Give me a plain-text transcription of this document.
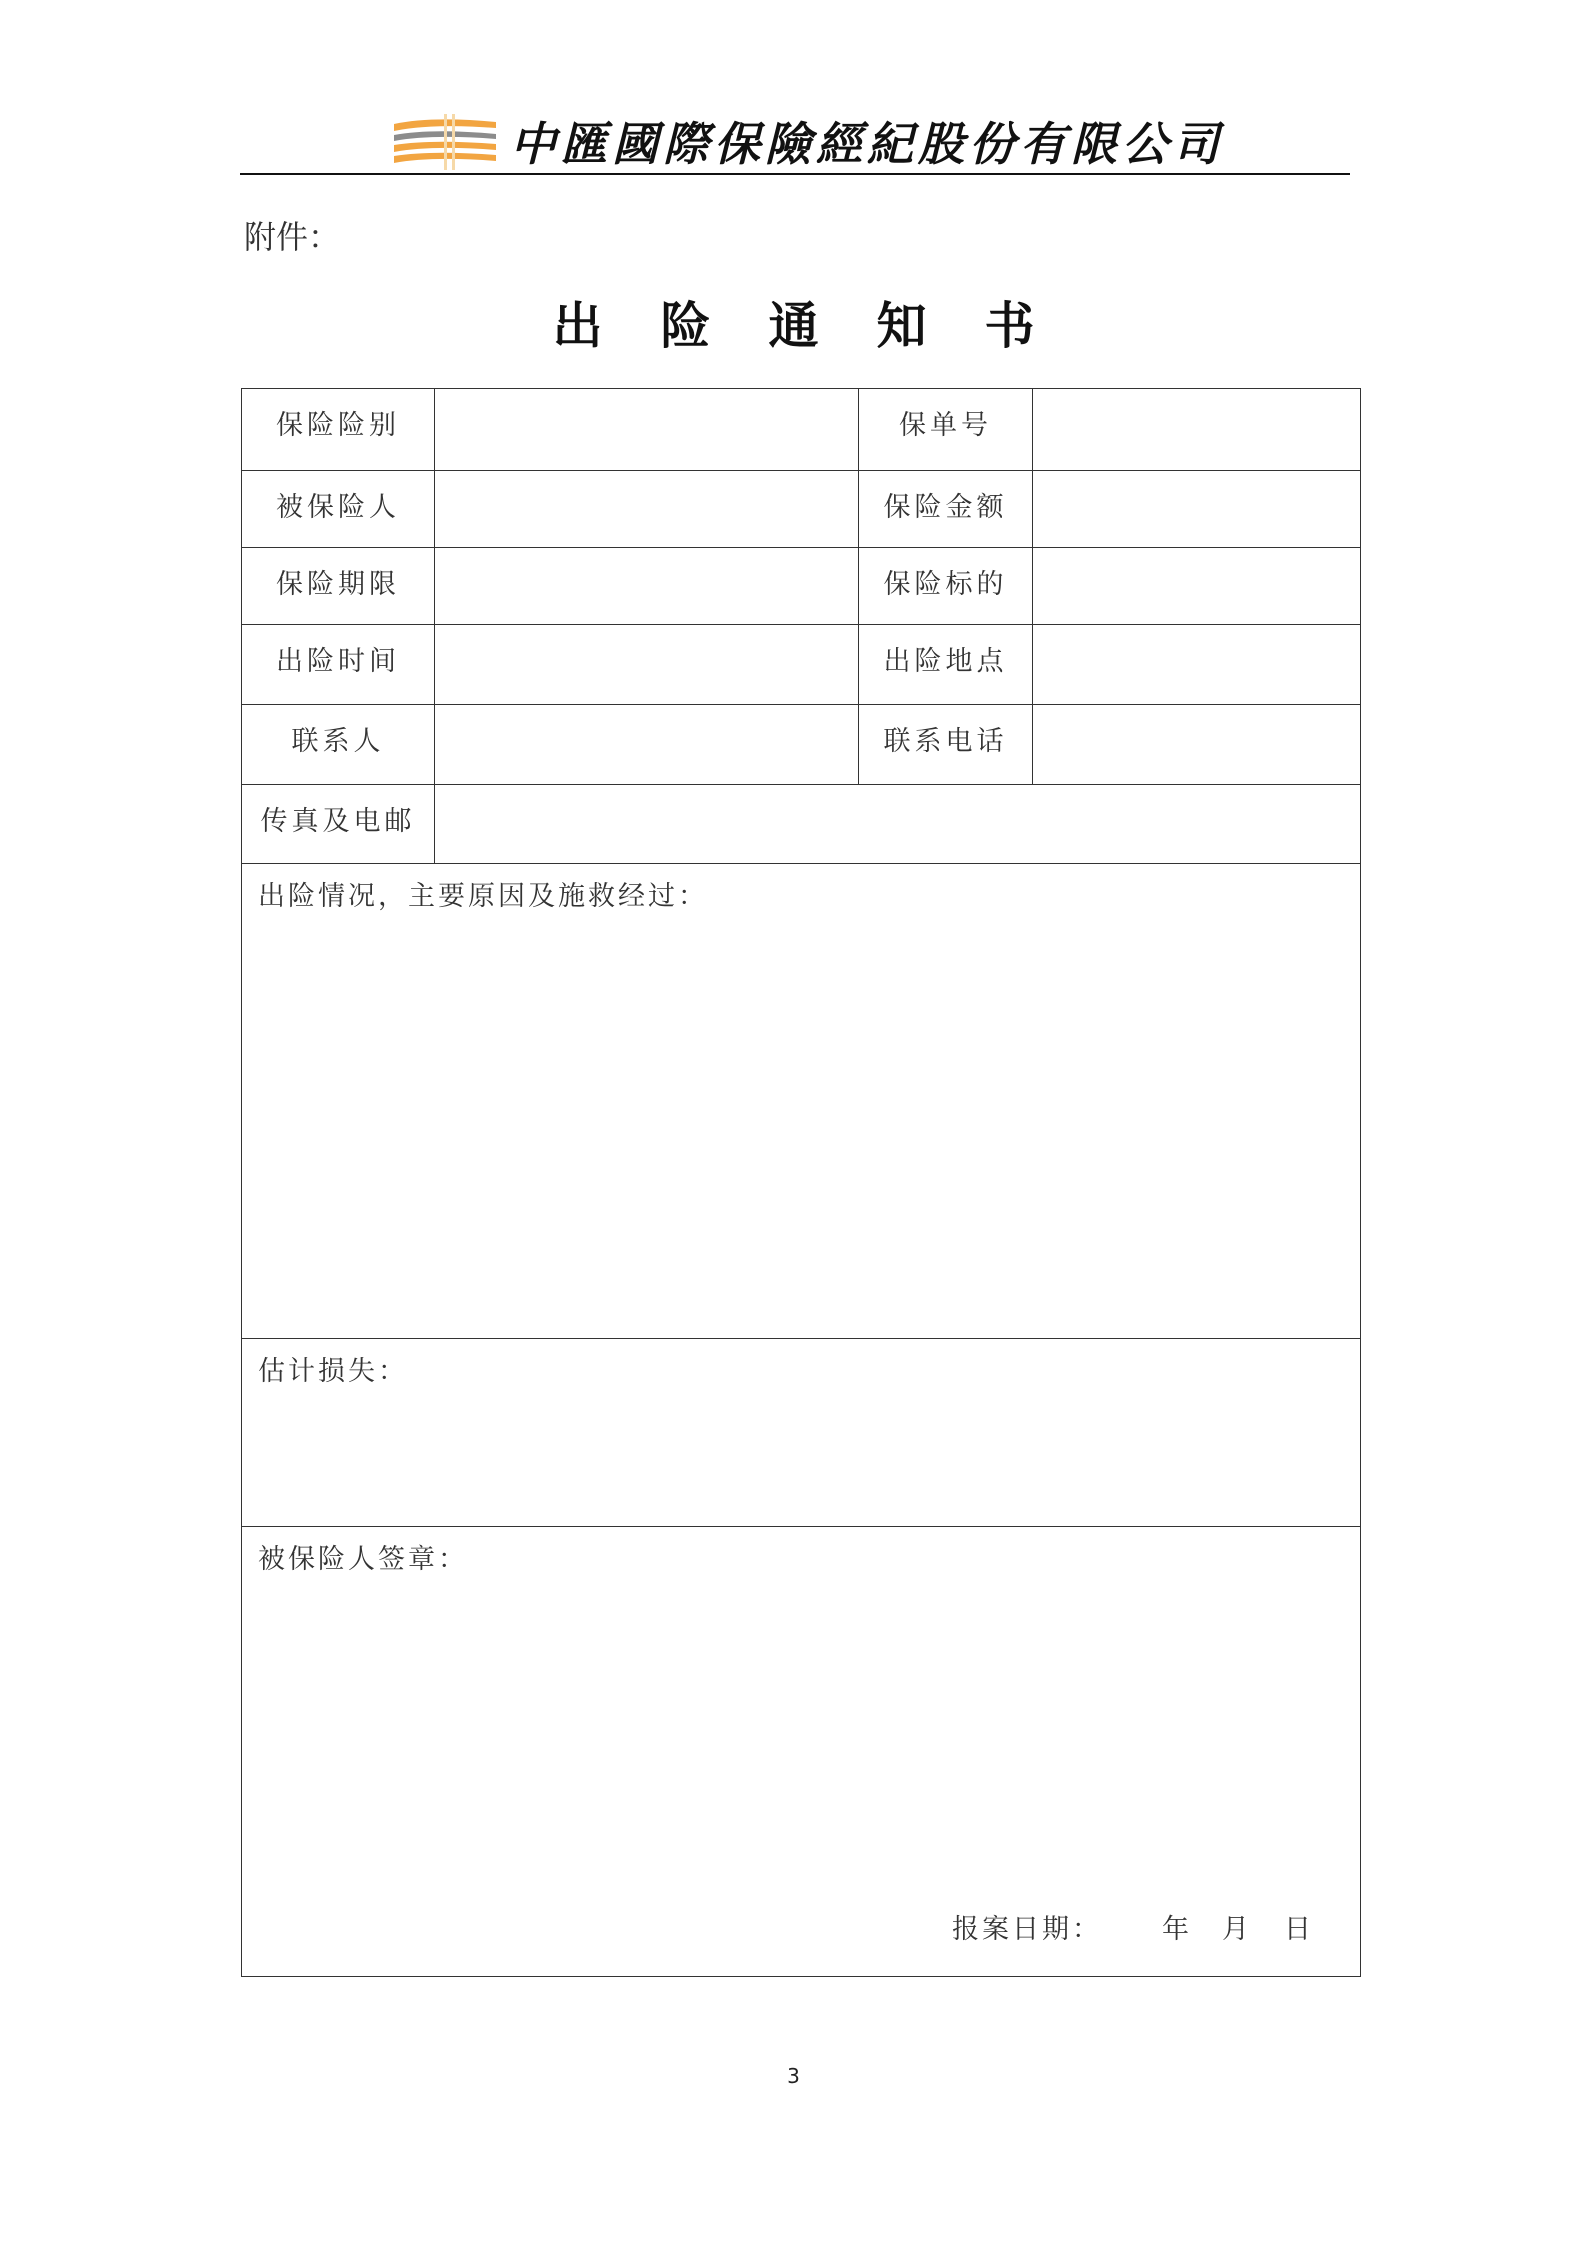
中匯國際保險經紀股份有限公司
附件：
出险通知书
保险险别		保单号	
被保险人		保险金额	
保险期限		保险标的	
出险时间		出险地点	
联系人		联系电话	
传真及电邮			
出险情况，主要原因及施救经过：			
估计损失：			
被保险人签章：
报案日期： 年 月 日			
3
